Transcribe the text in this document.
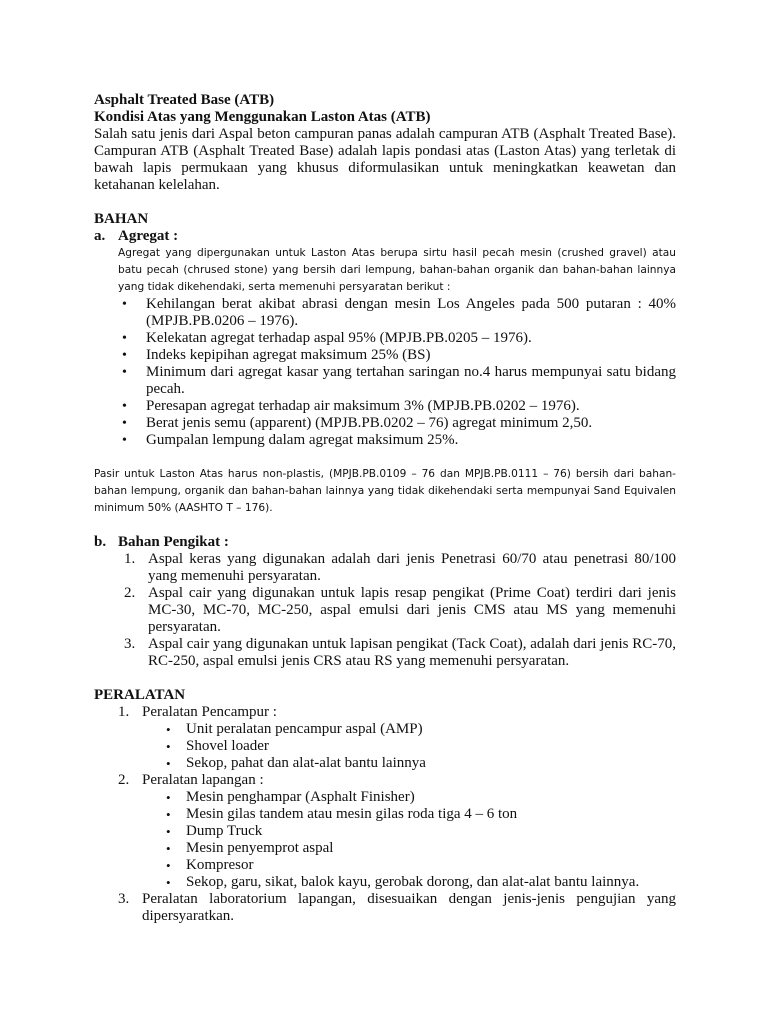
Asphalt Treated Base (ATB)
Kondisi Atas yang Menggunakan Laston Atas (ATB)

Salah satu jenis dari Aspal beton campuran panas adalah campuran ATB (Asphalt Treated Base). Campuran ATB (Asphalt Treated Base) adalah lapis pondasi atas (Laston Atas) yang terletak di bawah lapis permukaan yang khusus diformulasikan untuk meningkatkan keawetan dan ketahanan kelelahan.

BAHAN
a. Agregat :

Agregat yang dipergunakan untuk Laston Atas berupa sirtu hasil pecah mesin (crushed gravel) atau batu pecah (chrused stone) yang bersih dari lempung, bahan-bahan organik dan bahan-bahan lainnya yang tidak dikehendaki, serta memenuhi persyaratan berikut :

• Kehilangan berat akibat abrasi dengan mesin Los Angeles pada 500 putaran : 40% (MPJB.PB.0206 – 1976).
• Kelekatan agregat terhadap aspal 95% (MPJB.PB.0205 – 1976).
• Indeks kepipihan agregat maksimum 25% (BS)
• Minimum dari agregat kasar yang tertahan saringan no.4 harus mempunyai satu bidang pecah.
• Peresapan agregat terhadap air maksimum 3% (MPJB.PB.0202 – 1976).
• Berat jenis semu (apparent) (MPJB.PB.0202 – 76) agregat minimum 2,50.
• Gumpalan lempung dalam agregat maksimum 25%.

Pasir untuk Laston Atas harus non-plastis, (MPJB.PB.0109 – 76 dan MPJB.PB.0111 – 76) bersih dari bahan-bahan lempung, organik dan bahan-bahan lainnya yang tidak dikehendaki serta mempunyai Sand Equivalen minimum 50% (AASHTO T – 176).

b. Bahan Pengikat :
1. Aspal keras yang digunakan adalah dari jenis Penetrasi 60/70 atau penetrasi 80/100 yang memenuhi persyaratan.
2. Aspal cair yang digunakan untuk lapis resap pengikat (Prime Coat) terdiri dari jenis MC-30, MC-70, MC-250, aspal emulsi dari jenis CMS atau MS yang memenuhi persyaratan.
3. Aspal cair yang digunakan untuk lapisan pengikat (Tack Coat), adalah dari jenis RC-70, RC-250, aspal emulsi jenis CRS atau RS yang memenuhi persyaratan.
PERALATAN
1. Peralatan Pencampur :
• Unit peralatan pencampur aspal (AMP)
• Shovel loader
• Sekop, pahat dan alat-alat bantu lainnya
2. Peralatan lapangan :
• Mesin penghampar (Asphalt Finisher)
• Mesin gilas tandem atau mesin gilas roda tiga 4 – 6 ton
• Dump Truck
• Mesin penyemprot aspal
• Kompresor
• Sekop, garu, sikat, balok kayu, gerobak dorong, dan alat-alat bantu lainnya.
3. Peralatan laboratorium lapangan, disesuaikan dengan jenis-jenis pengujian yang dipersyaratkan.
